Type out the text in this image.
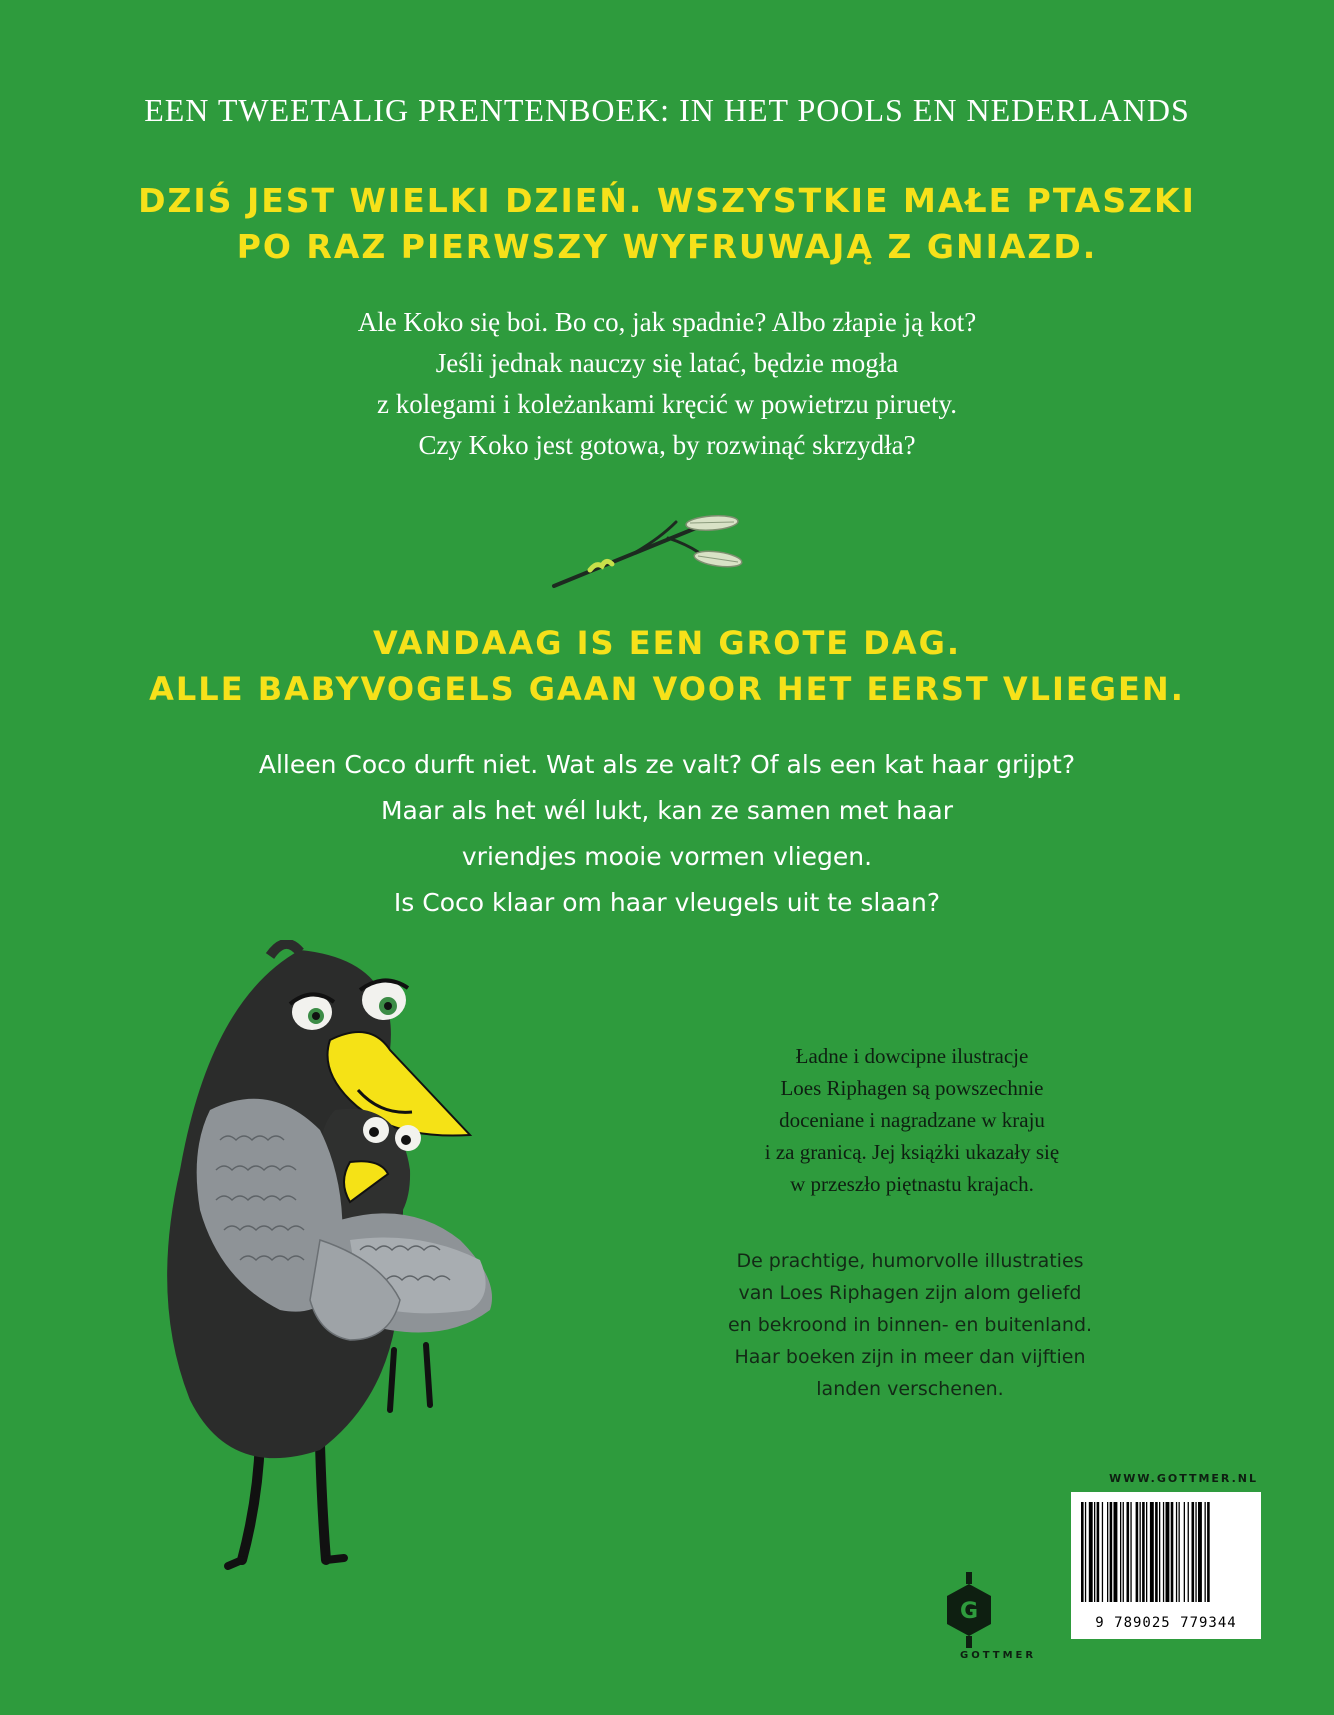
EEN TWEETALIG PRENTENBOEK: IN HET POOLS EN NEDERLANDS
DZIŚ JEST WIELKI DZIEŃ. WSZYSTKIE MAŁE PTASZKI
PO RAZ PIERWSZY WYFRUWAJĄ Z GNIAZD.
Ale Koko się boi. Bo co, jak spadnie? Albo złapie ją kot?
Jeśli jednak nauczy się latać, będzie mogła
z kolegami i koleżankami kręcić w powietrzu piruety.
Czy Koko jest gotowa, by rozwinąć skrzydła?
VANDAAG IS EEN GROTE DAG.
ALLE BABYVOGELS GAAN VOOR HET EERST VLIEGEN.
Alleen Coco durft niet. Wat als ze valt? Of als een kat haar grijpt?
Maar als het wél lukt, kan ze samen met haar
vriendjes mooie vormen vliegen.
Is Coco klaar om haar vleugels uit te slaan?
Ładne i dowcipne ilustracje
Loes Riphagen są powszechnie
doceniane i nagradzane w kraju
i za granicą. Jej książki ukazały się
w przeszło piętnastu krajach.
De prachtige, humorvolle illustraties
van Loes Riphagen zijn alom geliefd
en bekroond in binnen- en buitenland.
Haar boeken zijn in meer dan vijftien
landen verschenen.
G
GOTTMER
WWW.GOTTMER.NL
9 789025 779344
